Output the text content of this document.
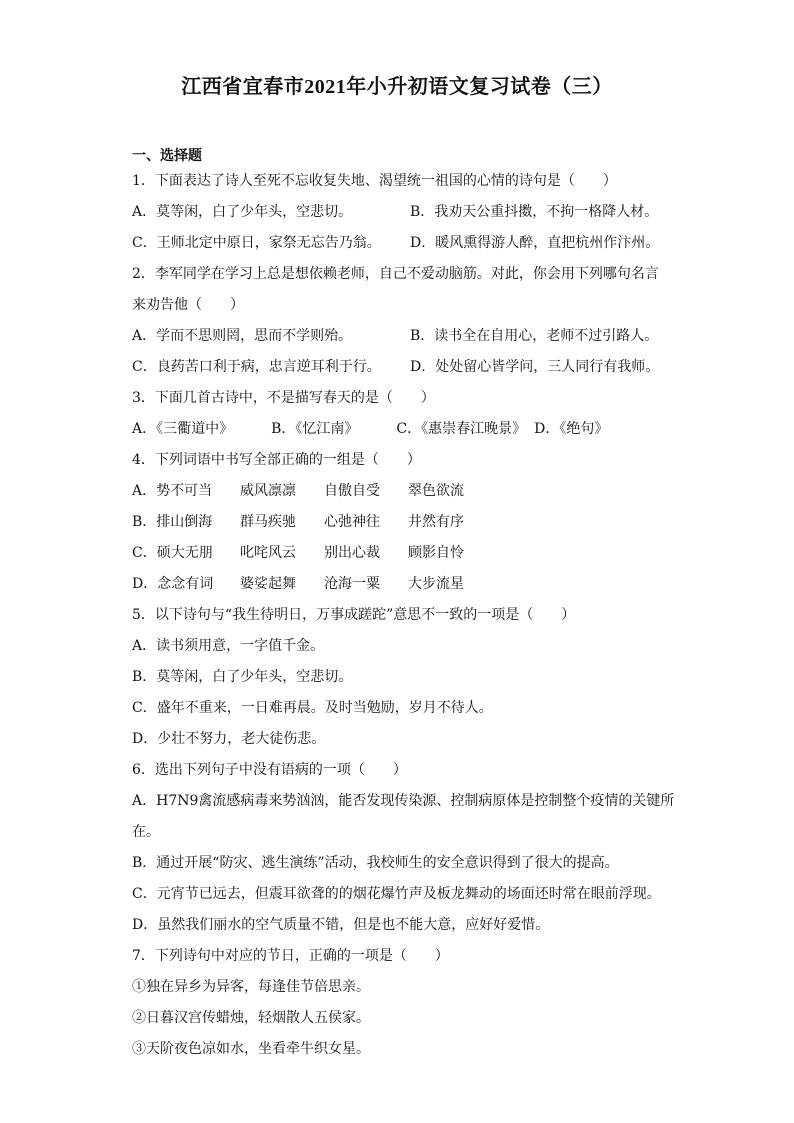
江西省宜春市2021年小升初语文复习试卷（三）
一、选择题
1．下面表达了诗人至死不忘收复失地、渴望统一祖国的心情的诗句是（　　）
A．莫等闲，白了少年头，空悲切。	B．我劝天公重抖擞，不拘一格降人材。
C．王师北定中原日，家祭无忘告乃翁。	D．暖风熏得游人醉，直把杭州作汴州。
2．李军同学在学习上总是想依赖老师，自己不爱动脑筋。对此，你会用下列哪句名言
来劝告他（　　）
A．学而不思则罔，思而不学则殆。	B．读书全在自用心，老师不过引路人。
C．良药苦口利于病，忠言逆耳利于行。	D．处处留心皆学问，三人同行有我师。
3．下面几首古诗中，不是描写春天的是（　　）
A．《三衢道中》	B．《忆江南》	C．《惠崇春江晚景》 D．《绝句》
4．下列词语中书写全部正确的一组是（　　）
A．势不可当	威风凛凛	自傲自受	翠色欲流
B．排山倒海	群马疾驰	心弛神往	井然有序
C．硕大无朋	叱咤风云	别出心裁	顾影自怜
D．念念有词	婆娑起舞	沧海一粟	大步流星
5．以下诗句与“我生待明日，万事成蹉跎”意思不一致的一项是（　　）
A．读书须用意，一字值千金。
B．莫等闲，白了少年头，空悲切。
C．盛年不重来，一日难再晨。及时当勉励，岁月不待人。
D．少壮不努力，老大徒伤悲。
6．选出下列句子中没有语病的一项（　　）
A．H7N9禽流感病毒来势汹汹，能否发现传染源、控制病原体是控制整个疫情的关键所
在。
B．通过开展“防灾、逃生演练”活动，我校师生的安全意识得到了很大的提高。
C．元宵节已远去，但震耳欲聋的的烟花爆竹声及板龙舞动的场面还时常在眼前浮现。
D．虽然我们丽水的空气质量不错，但是也不能大意，应好好爱惜。
7．下列诗句中对应的节日，正确的一项是（　　）
①独在异乡为异客，每逢佳节倍思亲。
②日暮汉宫传蜡烛，轻烟散人五侯家。
③天阶夜色凉如水，坐看牵牛织女星。
